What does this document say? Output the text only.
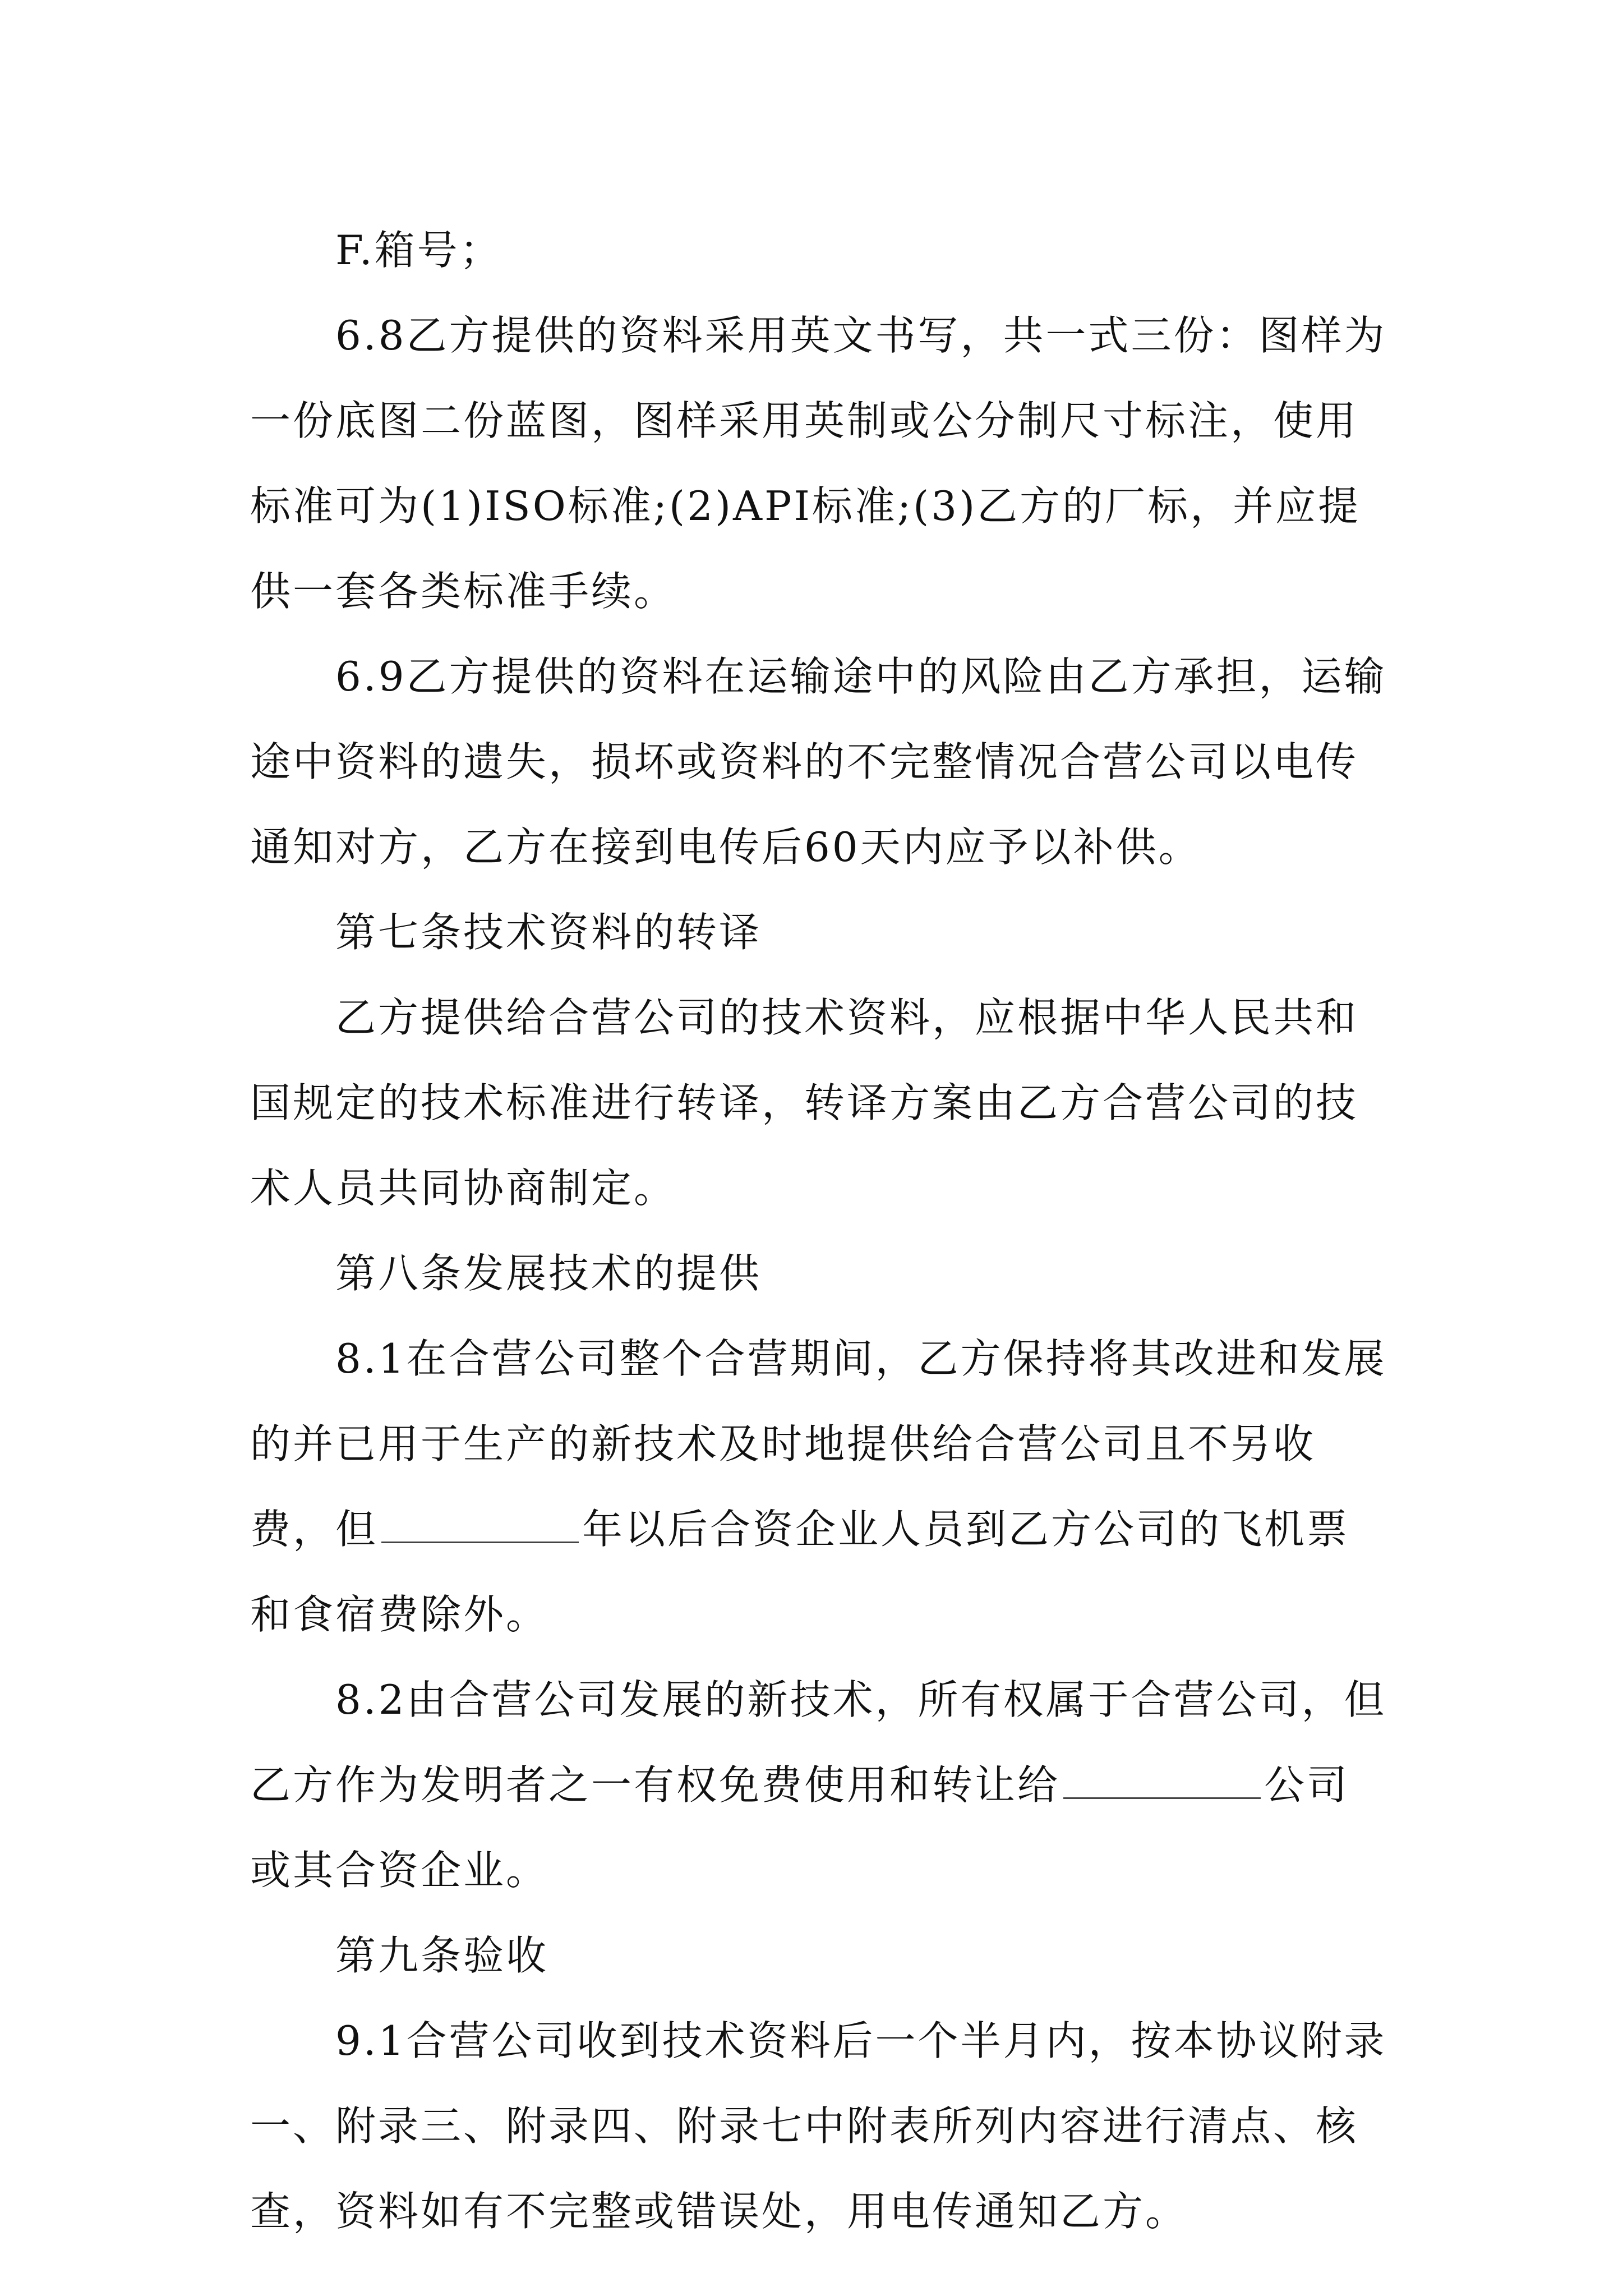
F.箱号；

6.8乙方提供的资料采用英文书写，共一式三份：图样为一份底图二份蓝图，图样采用英制或公分制尺寸标注，使用标准可为(1)ISO标准;(2)API标准;(3)乙方的厂标，并应提供一套各类标准手续。

6.9乙方提供的资料在运输途中的风险由乙方承担，运输途中资料的遗失，损坏或资料的不完整情况合营公司以电传通知对方，乙方在接到电传后60天内应予以补供。

第七条技术资料的转译

乙方提供给合营公司的技术资料，应根据中华人民共和国规定的技术标准进行转译，转译方案由乙方合营公司的技术人员共同协商制定。

第八条发展技术的提供

8.1在合营公司整个合营期间，乙方保持将其改进和发展的并已用于生产的新技术及时地提供给合营公司且不另收费，但	年以后合资企业人员到乙方公司的飞机票和食宿费除外。

8.2由合营公司发展的新技术，所有权属于合营公司，但乙方作为发明者之一有权免费使用和转让给	公司或其合资企业。

第九条验收

9.1合营公司收到技术资料后一个半月内，按本协议附录一、附录三、附录四、附录七中附表所列内容进行清点、核查，资料如有不完整或错误处，用电传通知乙方。
